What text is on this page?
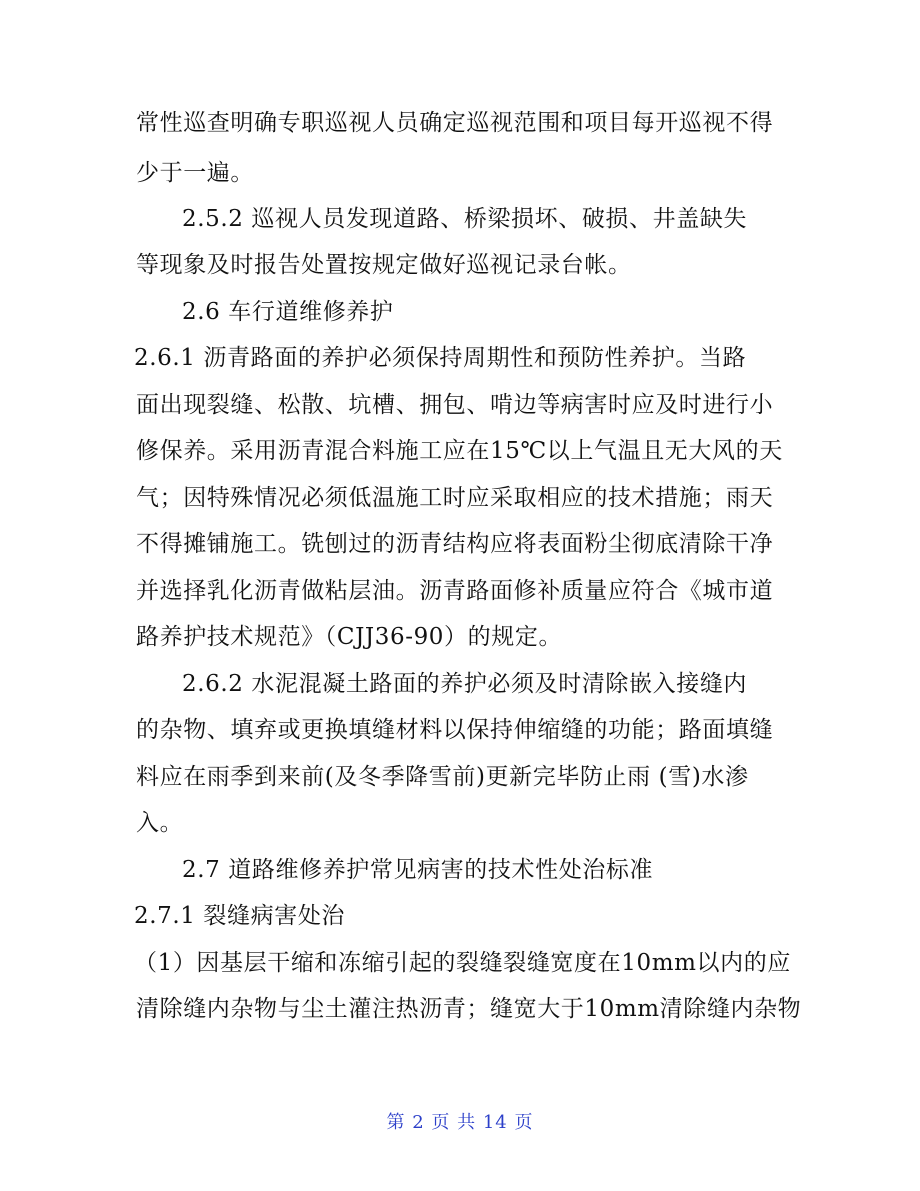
常性巡查明确专职巡视人员确定巡视范围和项目每开巡视不得
少于一遍。
2.5.2 巡视人员发现道路、桥梁损坏、破损、井盖缺失
等现象及时报告处置按规定做好巡视记录台帐。
2.6 车行道维修养护
2.6.1 沥青路面的养护必须保持周期性和预防性养护。当路
面出现裂缝、松散、坑槽、拥包、啃边等病害时应及时进行小
修保养。采用沥青混合料施工应在15℃以上气温且无大风的天
气；因特殊情况必须低温施工时应采取相应的技术措施；雨天
不得摊铺施工。铣刨过的沥青结构应将表面粉尘彻底清除干净
并选择乳化沥青做粘层油。沥青路面修补质量应符合《城市道
路养护技术规范》（CJJ36-90）的规定。
2.6.2 水泥混凝土路面的养护必须及时清除嵌入接缝内
的杂物、填弃或更换填缝材料以保持伸缩缝的功能；路面填缝
料应在雨季到来前(及冬季降雪前)更新完毕防止雨 (雪)水渗
入。
2.7 道路维修养护常见病害的技术性处治标准
2.7.1 裂缝病害处治
（1）因基层干缩和冻缩引起的裂缝裂缝宽度在10mm以内的应
清除缝内杂物与尘土灌注热沥青；缝宽大于10mm清除缝内杂物
第 2 页 共 14 页
